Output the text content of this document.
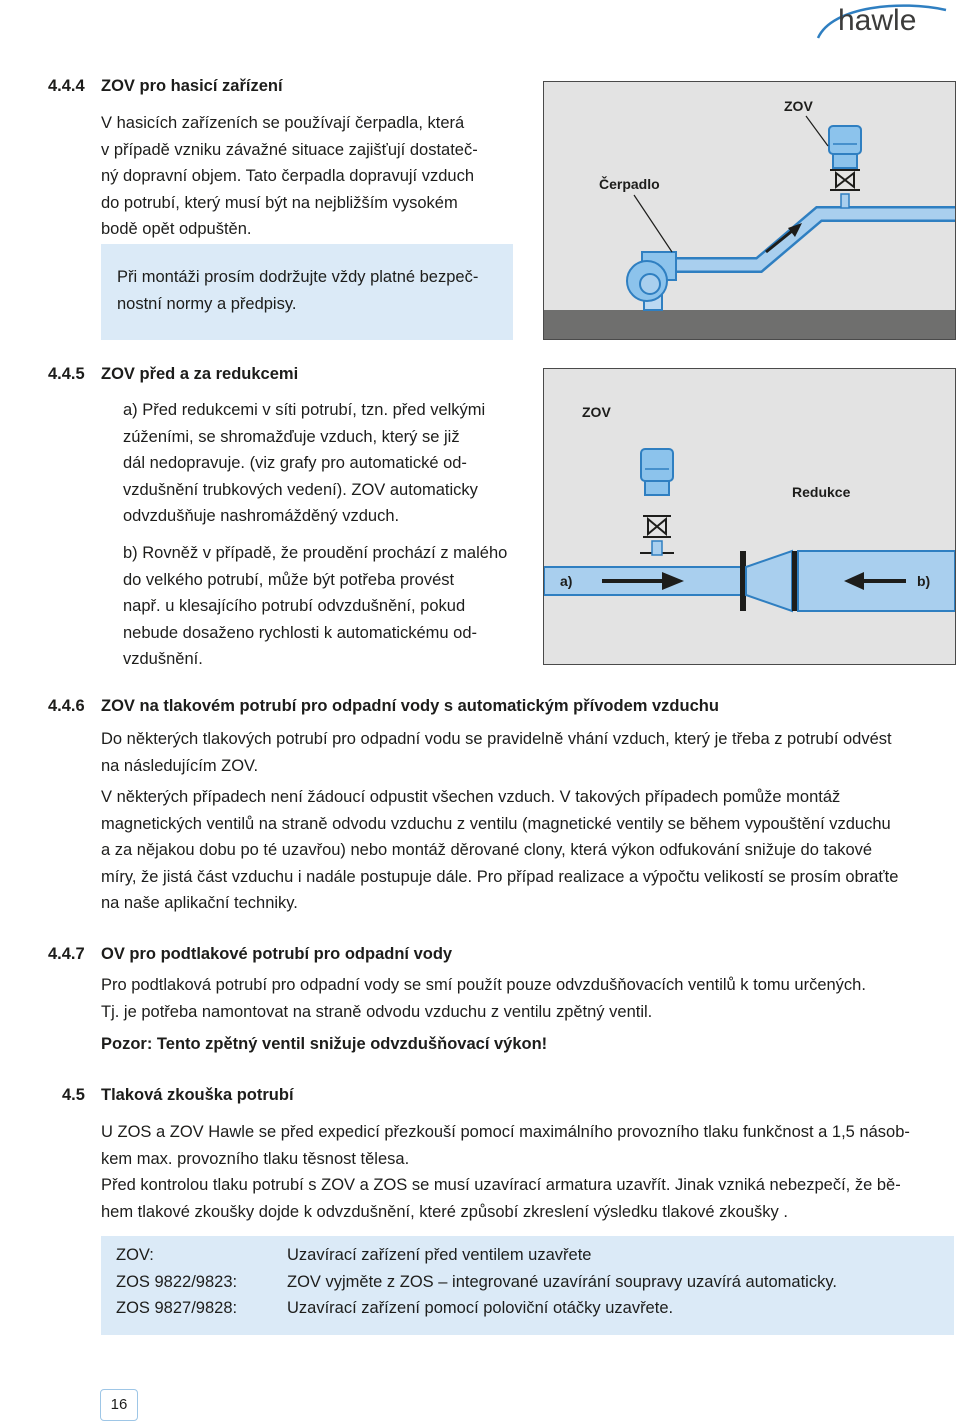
hawle
4.4.4 ZOV pro hasicí zařízení
V hasicích zařízeních se používají čerpadla, která
v případě vzniku závažné situace zajišťují dostateč-
ný dopravní objem. Tato čerpadla dopravují vzduch
do potrubí, který musí být na nejbližším vysokém
bodě opět odpuštěn.
Při montáži prosím dodržujte vždy platné bezpeč-
nostní normy a předpisy.
ZOV
Čerpadlo
4.4.5 ZOV před a za redukcemi
a) Před redukcemi v síti potrubí, tzn. před velkými
zúženími, se shromažďuje vzduch, který se již
dál nedopravuje. (viz grafy pro automatické od-
vzdušnění trubkových vedení). ZOV automaticky
odvzdušňuje nashromážděný vzduch.
b) Rovněž v případě, že proudění prochází z malého
do velkého potrubí, může být potřeba provést
např. u klesajícího potrubí odvzdušnění, pokud
nebude dosaženo rychlosti k automatickému od-
vzdušnění.
ZOV
Redukce
a)	b)
4.4.6 ZOV na tlakovém potrubí pro odpadní vody s automatickým přívodem vzduchu
Do některých tlakových potrubí pro odpadní vodu se pravidelně vhání vzduch, který je třeba z potrubí odvést
na následujícím ZOV.
V některých případech není žádoucí odpustit všechen vzduch. V takových případech pomůže montáž
magnetických ventilů na straně odvodu vzduchu z ventilu (magnetické ventily se během vypouštění vzduchu
a za nějakou dobu po té uzavřou) nebo montáž děrované clony, která výkon odfukování snižuje do takové
míry, že jistá část vzduchu i nadále postupuje dále. Pro případ realizace a výpočtu velikostí se prosím obraťte
na naše aplikační techniky.
4.4.7 OV pro podtlakové potrubí pro odpadní vody
Pro podtlaková potrubí pro odpadní vody se smí použít pouze odvzdušňovacích ventilů k tomu určených.
Tj. je potřeba namontovat na straně odvodu vzduchu z ventilu zpětný ventil.
Pozor: Tento zpětný ventil snižuje odvzdušňovací výkon!
4.5 Tlaková zkouška potrubí
U ZOS a ZOV Hawle se před expedicí přezkouší pomocí maximálního provozního tlaku funkčnost a 1,5 násob-
kem max. provozního tlaku těsnost tělesa.
Před kontrolou tlaku potrubí s ZOV a ZOS se musí uzavírací armatura uzavřít. Jinak vzniká nebezpečí, že bě-
hem tlakové zkoušky dojde k odvzdušnění, které způsobí zkreslení výsledku tlakové zkoušky .
ZOV:	Uzavírací zařízení před ventilem uzavřete
ZOS 9822/9823:	ZOV vyjměte z ZOS – integrované uzavírání soupravy uzavírá automaticky.
ZOS 9827/9828:	Uzavírací zařízení pomocí poloviční otáčky uzavřete.
16
